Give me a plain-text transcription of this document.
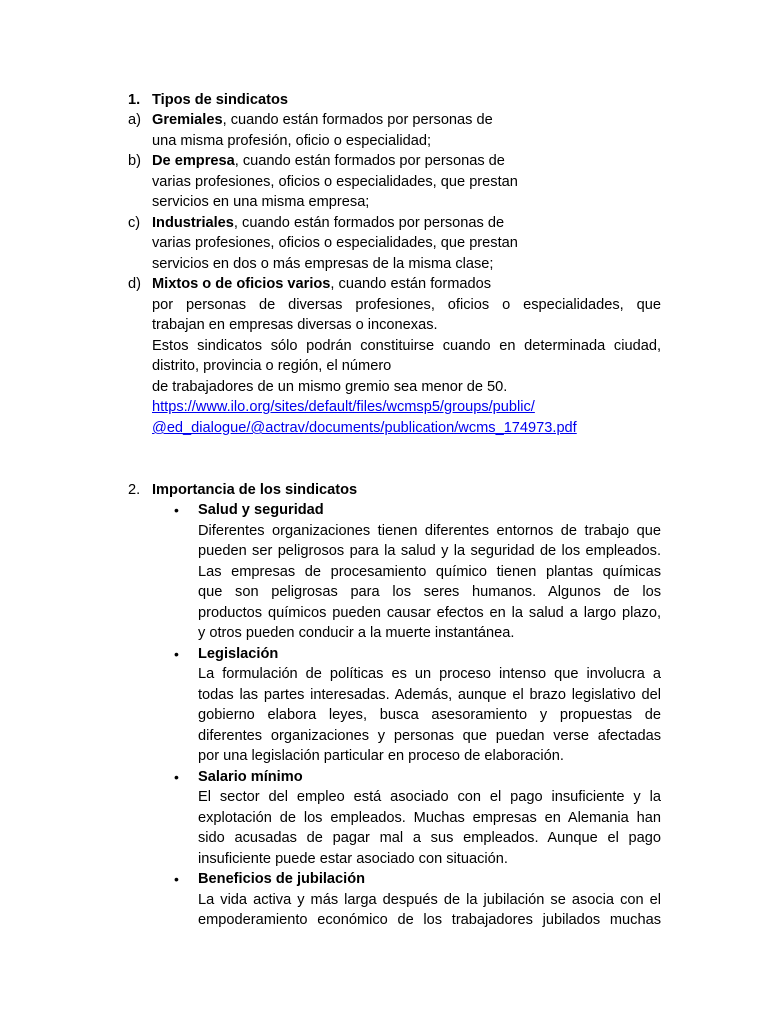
1. Tipos de sindicatos
a) Gremiales, cuando están formados por personas de
una misma profesión, oficio o especialidad;
b) De empresa, cuando están formados por personas de
varias profesiones, oficios o especialidades, que prestan
servicios en una misma empresa;
c) Industriales, cuando están formados por personas de
varias profesiones, oficios o especialidades, que prestan
servicios en dos o más empresas de la misma clase;
d) Mixtos o de oficios varios, cuando están formados
por personas de diversas profesiones, oficios o especialidades, que
trabajan en empresas diversas o inconexas.
Estos sindicatos sólo podrán constituirse cuando en determinada ciudad,
distrito, provincia o región, el número
de trabajadores de un mismo gremio sea menor de 50.
https://www.ilo.org/sites/default/files/wcmsp5/groups/public/
@ed_dialogue/@actrav/documents/publication/wcms_174973.pdf
2. Importancia de los sindicatos
• Salud y seguridad
Diferentes organizaciones tienen diferentes entornos de trabajo que
pueden ser peligrosos para la salud y la seguridad de los empleados.
Las empresas de procesamiento químico tienen plantas químicas
que son peligrosas para los seres humanos. Algunos de los
productos químicos pueden causar efectos en la salud a largo plazo,
y otros pueden conducir a la muerte instantánea.
• Legislación
La formulación de políticas es un proceso intenso que involucra a
todas las partes interesadas. Además, aunque el brazo legislativo del
gobierno elabora leyes, busca asesoramiento y propuestas de
diferentes organizaciones y personas que puedan verse afectadas
por una legislación particular en proceso de elaboración.
• Salario mínimo
El sector del empleo está asociado con el pago insuficiente y la
explotación de los empleados. Muchas empresas en Alemania han
sido acusadas de pagar mal a sus empleados. Aunque el pago
insuficiente puede estar asociado con situación.
• Beneficios de jubilación
La vida activa y más larga después de la jubilación se asocia con el
empoderamiento económico de los trabajadores jubilados muchas
